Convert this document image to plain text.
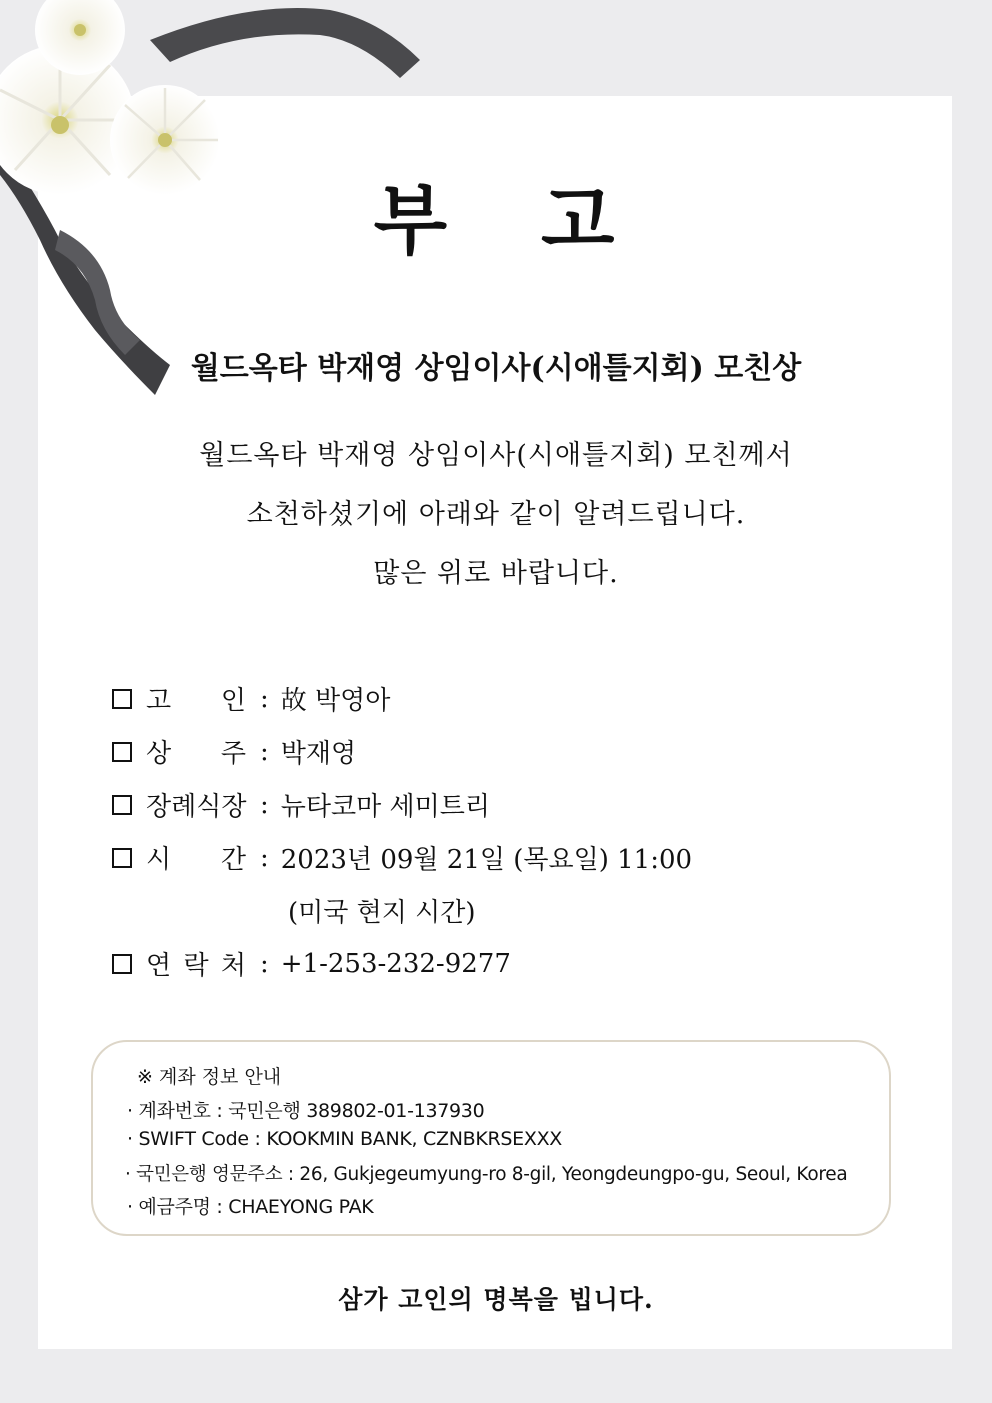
부 고
월드옥타 박재영 상임이사(시애틀지회) 모친상
월드옥타 박재영 상임이사(시애틀지회) 모친께서
소천하셨기에 아래와 같이 알려드립니다.
많은 위로 바랍니다.
고 인 : 故 박영아
상 주 : 박재영
장례식장 : 뉴타코마 세미트리
시 간 : 2023년 09월 21일 (목요일) 11:00
(미국 현지 시간)
연 락 처 : +1-253-232-9277
※ 계좌 정보 안내
· 계좌번호 : 국민은행 389802-01-137930
· SWIFT Code : KOOKMIN BANK, CZNBKRSEXXX
· 국민은행 영문주소 : 26, Gukjegeumyung-ro 8-gil, Yeongdeungpo-gu, Seoul, Korea
· 예금주명 : CHAEYONG PAK
삼가 고인의 명복을 빕니다.
